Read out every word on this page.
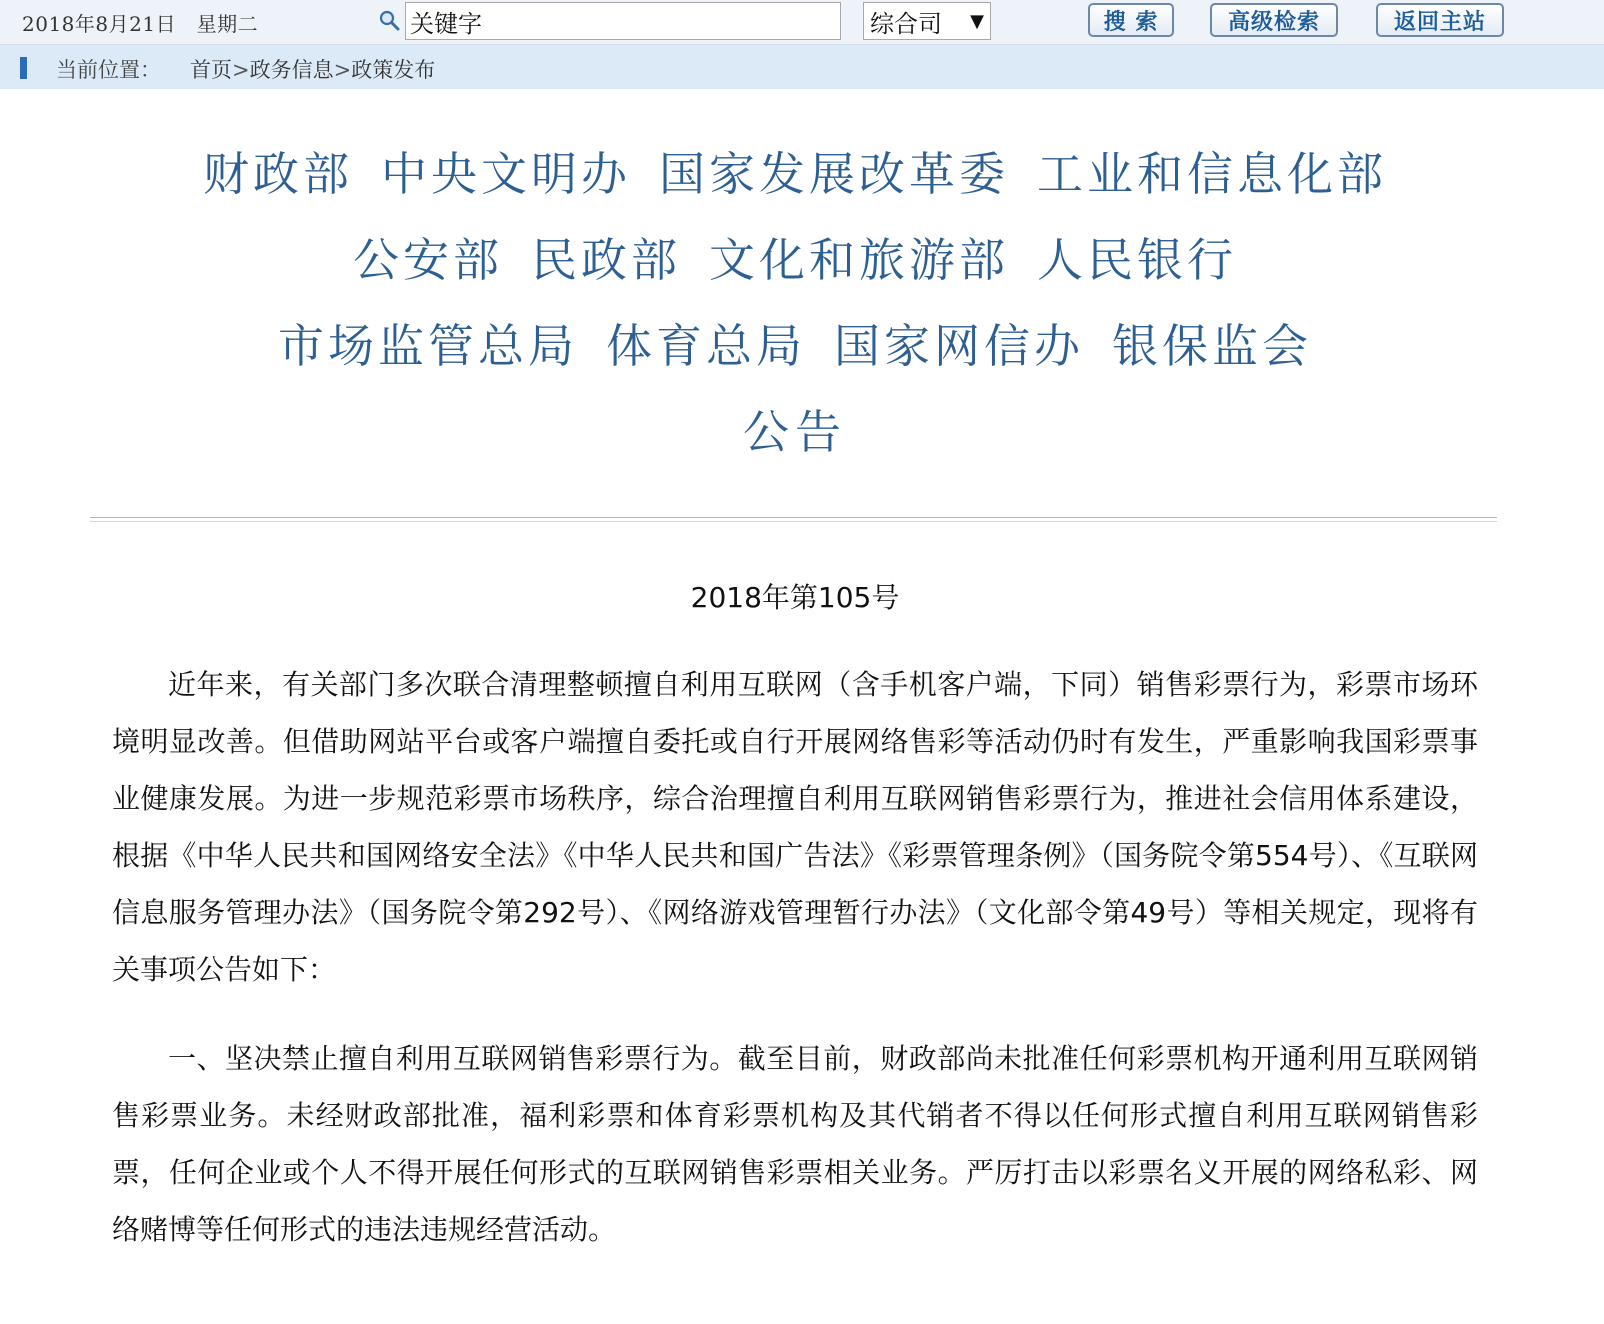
2018年8月21日　星期二
关键字	综合司 ▼	搜 索	高级检索	返回主站
当前位置： 首页>政务信息>政策发布
财政部 中央文明办 国家发展改革委 工业和信息化部
公安部 民政部 文化和旅游部 人民银行
市场监管总局 体育总局 国家网信办 银保监会
公告
2018年第105号

近年来，有关部门多次联合清理整顿擅自利用互联网（含手机客户端，下同）销售彩票行为，彩票市场环境明显改善。但借助网站平台或客户端擅自委托或自行开展网络售彩等活动仍时有发生，严重影响我国彩票事业健康发展。为进一步规范彩票市场秩序，综合治理擅自利用互联网销售彩票行为，推进社会信用体系建设，根据《中华人民共和国网络安全法》《中华人民共和国广告法》《彩票管理条例》（国务院令第554号）、《互联网信息服务管理办法》（国务院令第292号）、《网络游戏管理暂行办法》（文化部令第49号）等相关规定，现将有关事项公告如下：

一、坚决禁止擅自利用互联网销售彩票行为。截至目前，财政部尚未批准任何彩票机构开通利用互联网销售彩票业务。未经财政部批准，福利彩票和体育彩票机构及其代销者不得以任何形式擅自利用互联网销售彩票，任何企业或个人不得开展任何形式的互联网销售彩票相关业务。严厉打击以彩票名义开展的网络私彩、网络赌博等任何形式的违法违规经营活动。
